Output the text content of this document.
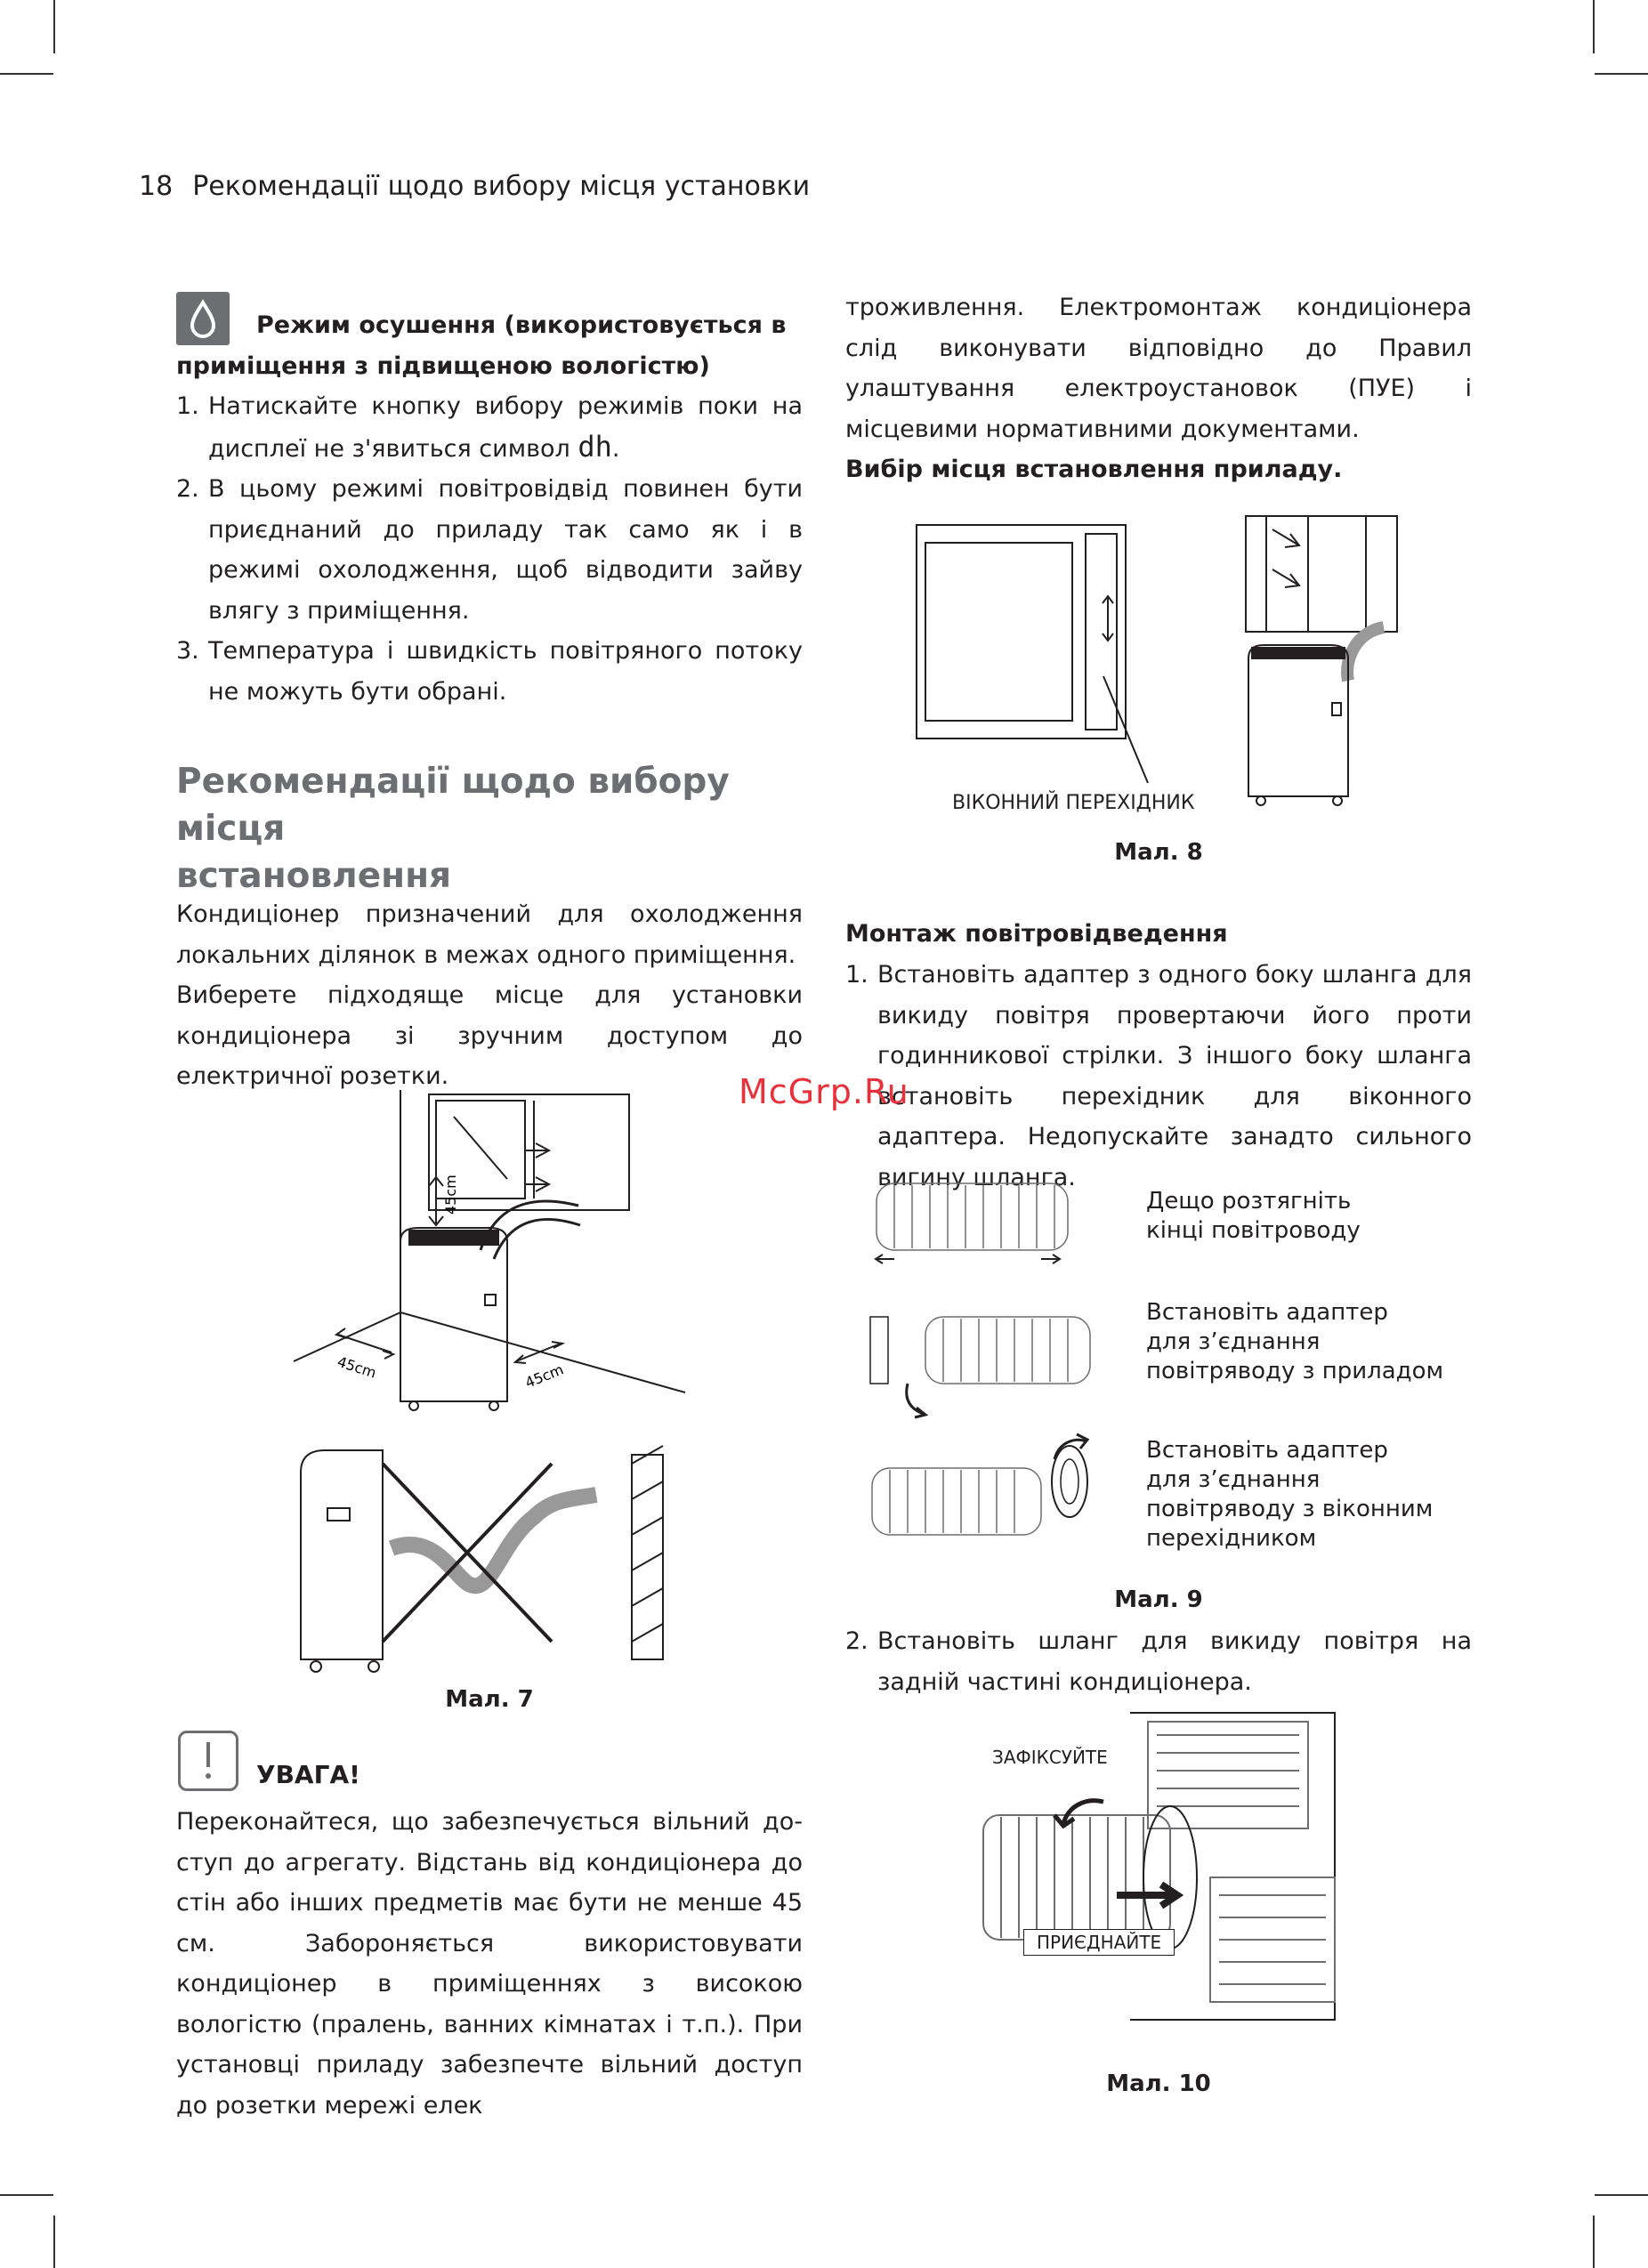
18 Рекомендації щодо вибору місця установки
Режим осушення (використовується в
приміщення з підвищеною вологістю)
1. Натискайте кнопку вибору режимів поки на дисплеї не з'явиться символ dh.
2. В цьому режимі повітровідвід повинен бути приєднаний до приладу так само як і в режимі охолодження, щоб відводити зайву влягу з приміщення.
3. Температура і швидкість повітряного потоку не можуть бути обрані.
Рекомендації щодо вибору місця
встановлення
Кондиціонер призначений для охолодження локальних ділянок в межах одного приміщення.
Виберете підходяще місце для установки кондиціонера зі зручним доступом до електричної розетки.
45cm
45cm	45cm
Мал. 7
УВАГА!
Переконайтеся, що забезпечується вільний доступ до агрегату. Відстань від кондиціонера до стін або інших предметів має бути не менше 45 см. Забороняється використовувати кондиціонер в приміщеннях з високою вологістю (пралень, ванних кімнатах і т.п.). При установці приладу забезпечте вільний доступ до розетки мережі елек
троживлення. Електромонтаж кондиціонера слід виконувати відповідно до Правил улаштування електроустановок (ПУЕ) і місцевими нормативними документами.
Вибір місця встановлення приладу.
ВІКОННИЙ ПЕРЕХІДНИК
Мал. 8
Монтаж повітровідведення
1. Встановіть адаптер з одного боку шланга для викиду повітря провертаючи його проти годинникової стрілки. З іншого боку шланга встановіть перехідник для віконного адаптера. Недопускайте занадто сильного вигину шланга.
McGrp.Ru
Дещо розтягніть
кінці повітроводу
Встановіть адаптер
для з’єднання
повітряводу з приладом
Встановіть адаптер
для з’єднання
повітряводу з віконним
перехідником
Мал. 9
2. Встановіть шланг для викиду повітря на задній частині кондиціонера.
ЗАФІКСУЙТЕ
ПРИЄДНАЙТЕ
Мал. 10
